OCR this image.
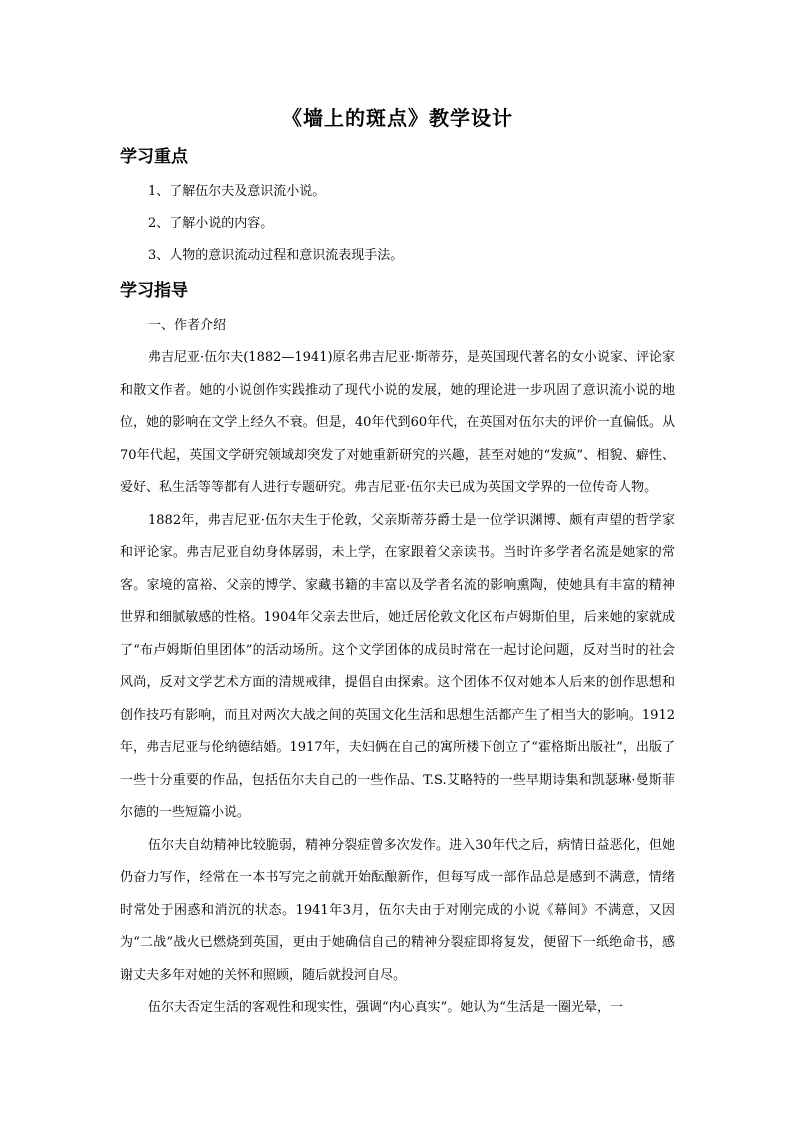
《墙上的斑点》教学设计
学习重点
1、了解伍尔夫及意识流小说。
2、了解小说的内容。
3、人物的意识流动过程和意识流表现手法。
学习指导
一、作者介绍

弗吉尼亚·伍尔夫(1882—1941)原名弗吉尼亚·斯蒂芬，是英国现代著名的女小说家、评论家和散文作者。她的小说创作实践推动了现代小说的发展，她的理论进一步巩固了意识流小说的地位，她的影响在文学上经久不衰。但是，40年代到60年代，在英国对伍尔夫的评价一直偏低。从70年代起，英国文学研究领域却突发了对她重新研究的兴趣，甚至对她的“发疯”、相貌、癖性、爱好、私生活等等都有人进行专题研究。弗吉尼亚·伍尔夫已成为英国文学界的一位传奇人物。

1882年，弗吉尼亚·伍尔夫生于伦敦，父亲斯蒂芬爵士是一位学识渊博、颇有声望的哲学家和评论家。弗吉尼亚自幼身体孱弱，未上学，在家跟着父亲读书。当时许多学者名流是她家的常客。家境的富裕、父亲的博学、家藏书籍的丰富以及学者名流的影响熏陶，使她具有丰富的精神世界和细腻敏感的性格。1904年父亲去世后，她迁居伦敦文化区布卢姆斯伯里，后来她的家就成了“布卢姆斯伯里团体”的活动场所。这个文学团体的成员时常在一起讨论问题，反对当时的社会风尚，反对文学艺术方面的清规戒律，提倡自由探索。这个团体不仅对她本人后来的创作思想和创作技巧有影响，而且对两次大战之间的英国文化生活和思想生活都产生了相当大的影响。1912年，弗吉尼亚与伦纳德结婚。1917年，夫妇俩在自己的寓所楼下创立了“霍格斯出版社”，出版了一些十分重要的作品，包括伍尔夫自己的一些作品、T.S.艾略特的一些早期诗集和凯瑟琳·曼斯菲尔德的一些短篇小说。

伍尔夫自幼精神比较脆弱，精神分裂症曾多次发作。进入30年代之后，病情日益恶化，但她仍奋力写作，经常在一本书写完之前就开始酝酿新作，但每写成一部作品总是感到不满意，情绪时常处于困惑和消沉的状态。1941年3月，伍尔夫由于对刚完成的小说《幕间》不满意，又因为“二战”战火已燃烧到英国，更由于她确信自己的精神分裂症即将复发，便留下一纸绝命书，感谢丈夫多年对她的关怀和照顾，随后就投河自尽。

伍尔夫否定生活的客观性和现实性，强调“内心真实”。她认为“生活是一圈光晕，一
